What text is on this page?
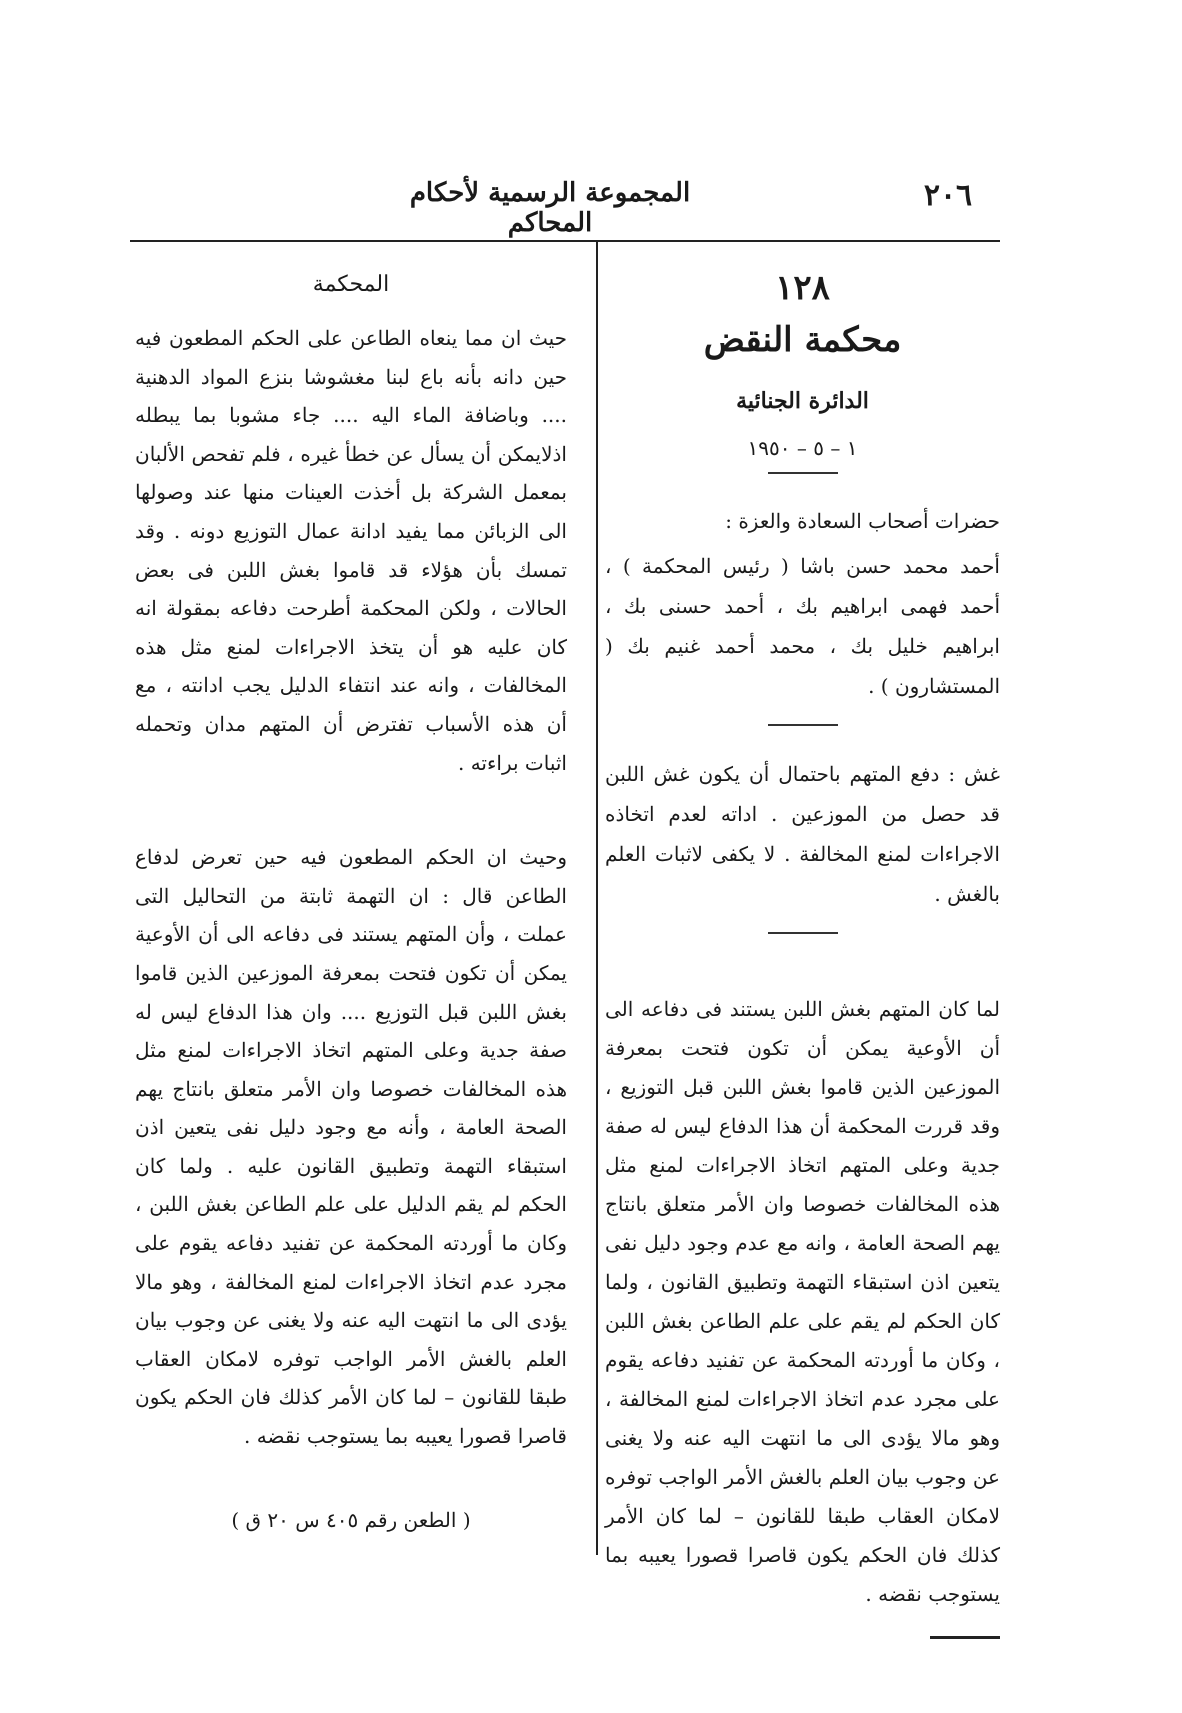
٢٠٦
المجموعة الرسمية لأحكام المحاكم
١٢٨
محكمة النقض
الدائرة الجنائية
١ – ٥ – ١٩٥٠

حضرات أصحاب السعادة والعزة :

أحمد محمد حسن باشا ( رئيس المحكمة ) ، أحمد فهمى ابراهيم بك ، أحمد حسنى بك ، ابراهيم خليل بك ، محمد أحمد غنيم بك ( المستشارون ) .

غش : دفع المتهم باحتمال أن يكون غش اللبن قد حصل من الموزعين . اداته لعدم اتخاذه الاجراءات لمنع المخالفة . لا يكفى لاثبات العلم بالغش .

لما كان المتهم بغش اللبن يستند فى دفاعه الى أن الأوعية يمكن أن تكون فتحت بمعرفة الموزعين الذين قاموا بغش اللبن قبل التوزيع ، وقد قررت المحكمة أن هذا الدفاع ليس له صفة جدية وعلى المتهم اتخاذ الاجراءات لمنع مثل هذه المخالفات خصوصا وان الأمر متعلق بانتاج يهم الصحة العامة ، وانه مع عدم وجود دليل نفى يتعين اذن استبقاء التهمة وتطبيق القانون ، ولما كان الحكم لم يقم على علم الطاعن بغش اللبن ، وكان ما أوردته المحكمة عن تفنيد دفاعه يقوم على مجرد عدم اتخاذ الاجراءات لمنع المخالفة ، وهو مالا يؤدى الى ما انتهت اليه عنه ولا يغنى عن وجوب بيان العلم بالغش الأمر الواجب توفره لامكان العقاب طبقا للقانون – لما كان الأمر كذلك فان الحكم يكون قاصرا قصورا يعيبه بما يستوجب نقضه .

المحكمة

حيث ان مما ينعاه الطاعن على الحكم المطعون فيه حين دانه بأنه باع لبنا مغشوشا بنزع المواد الدهنية .... وباضافة الماء اليه .... جاء مشوبا بما يبطله اذلايمكن أن يسأل عن خطأ غيره ، فلم تفحص الألبان بمعمل الشركة بل أخذت العينات منها عند وصولها الى الزبائن مما يفيد ادانة عمال التوزيع دونه . وقد تمسك بأن هؤلاء قد قاموا بغش اللبن فى بعض الحالات ، ولكن المحكمة أطرحت دفاعه بمقولة انه كان عليه هو أن يتخذ الاجراءات لمنع مثل هذه المخالفات ، وانه عند انتفاء الدليل يجب ادانته ، مع أن هذه الأسباب تفترض أن المتهم مدان وتحمله اثبات براءته .

وحيث ان الحكم المطعون فيه حين تعرض لدفاع الطاعن قال : ان التهمة ثابتة من التحاليل التى عملت ، وأن المتهم يستند فى دفاعه الى أن الأوعية يمكن أن تكون فتحت بمعرفة الموزعين الذين قاموا بغش اللبن قبل التوزيع .... وان هذا الدفاع ليس له صفة جدية وعلى المتهم اتخاذ الاجراءات لمنع مثل هذه المخالفات خصوصا وان الأمر متعلق بانتاج يهم الصحة العامة ، وأنه مع وجود دليل نفى يتعين اذن استبقاء التهمة وتطبيق القانون عليه . ولما كان الحكم لم يقم الدليل على علم الطاعن بغش اللبن ، وكان ما أوردته المحكمة عن تفنيد دفاعه يقوم على مجرد عدم اتخاذ الاجراءات لمنع المخالفة ، وهو مالا يؤدى الى ما انتهت اليه عنه ولا يغنى عن وجوب بيان العلم بالغش الأمر الواجب توفره لامكان العقاب طبقا للقانون – لما كان الأمر كذلك فان الحكم يكون قاصرا قصورا يعيبه بما يستوجب نقضه .

( الطعن رقم ٤٠٥ س ٢٠ ق )
